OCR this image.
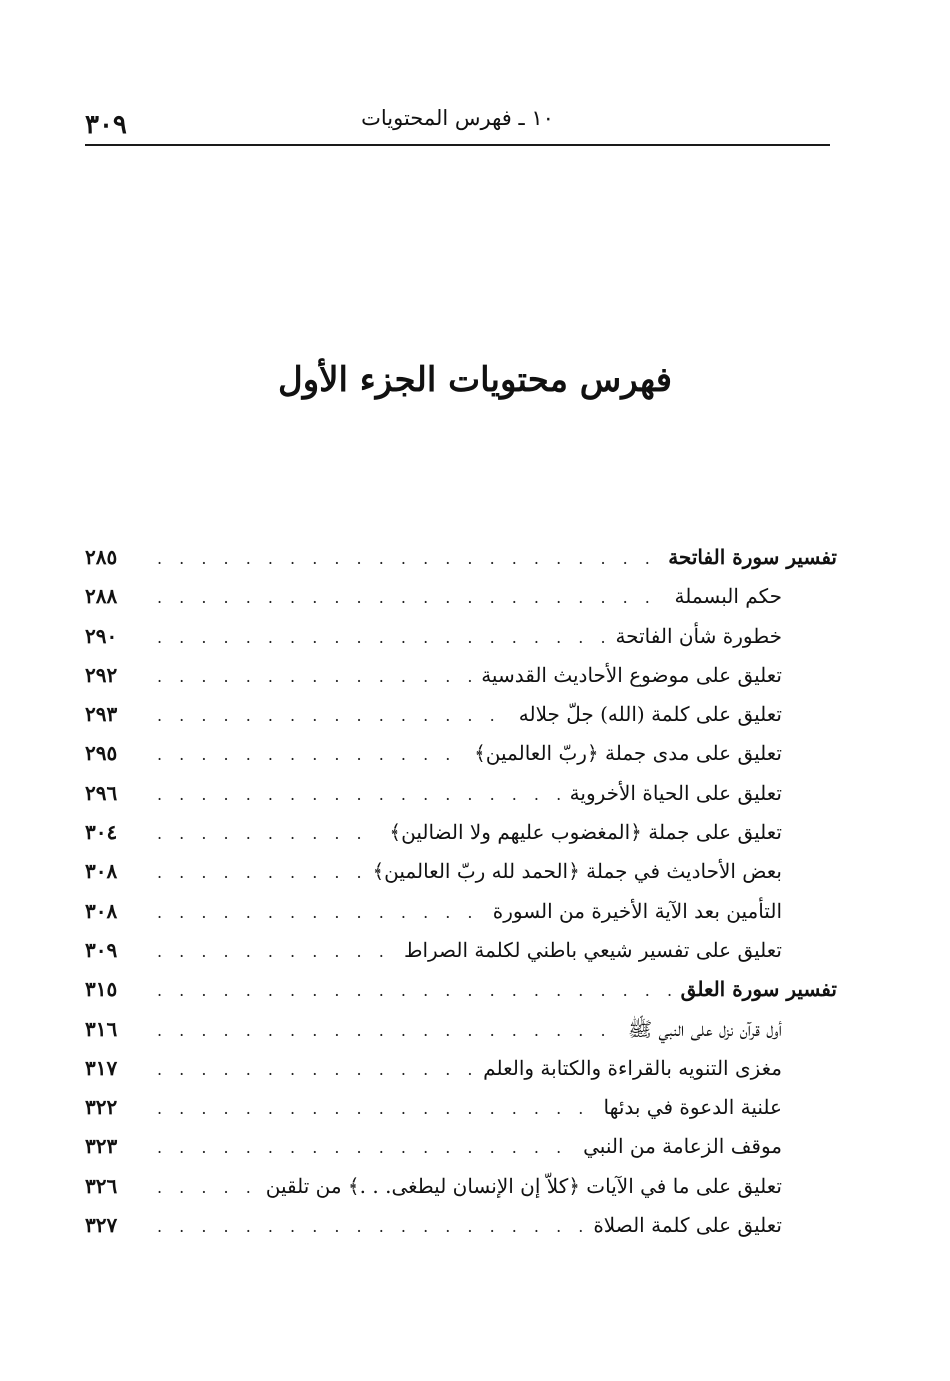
٣٠٩	١٠ ـ فهرس المحتويات
فهرس محتويات الجزء الأول
تفسير سورة الفاتحة
. . .
٢٨٥
حكم البسملة
. . .
٢٨٨
خطورة شأن الفاتحة
. . .
٢٩٠
تعليق على موضوع الأحاديث القدسية
. . .
٢٩٢
تعليق على كلمة (الله) جلّ جلاله
. . .
٢٩٣
تعليق على مدى جملة ﴿ربّ العالمين﴾
. . .
٢٩٥
تعليق على الحياة الأخروية
. . .
٢٩٦
تعليق على جملة ﴿المغضوب عليهم ولا الضالين﴾
. . .
٣٠٤
بعض الأحاديث في جملة ﴿الحمد لله ربّ العالمين﴾
. . .
٣٠٨
التأمين بعد الآية الأخيرة من السورة
. . .
٣٠٨
تعليق على تفسير شيعي باطني لكلمة الصراط
. . .
٣٠٩
تفسير سورة العلق
. . .
٣١٥
أول قرآن نزل على النبي ﷺ
. . .
٣١٦
مغزى التنويه بالقراءة والكتابة والعلم
. . .
٣١٧
علنية الدعوة في بدئها
. . .
٣٢٢
موقف الزعامة من النبي
. . .
٣٢٣
تعليق على ما في الآيات ﴿كلاّ إن الإنسان ليطغى. . .﴾ من تلقين
. . .
٣٢٦
تعليق على كلمة الصلاة
. . .
٣٢٧
